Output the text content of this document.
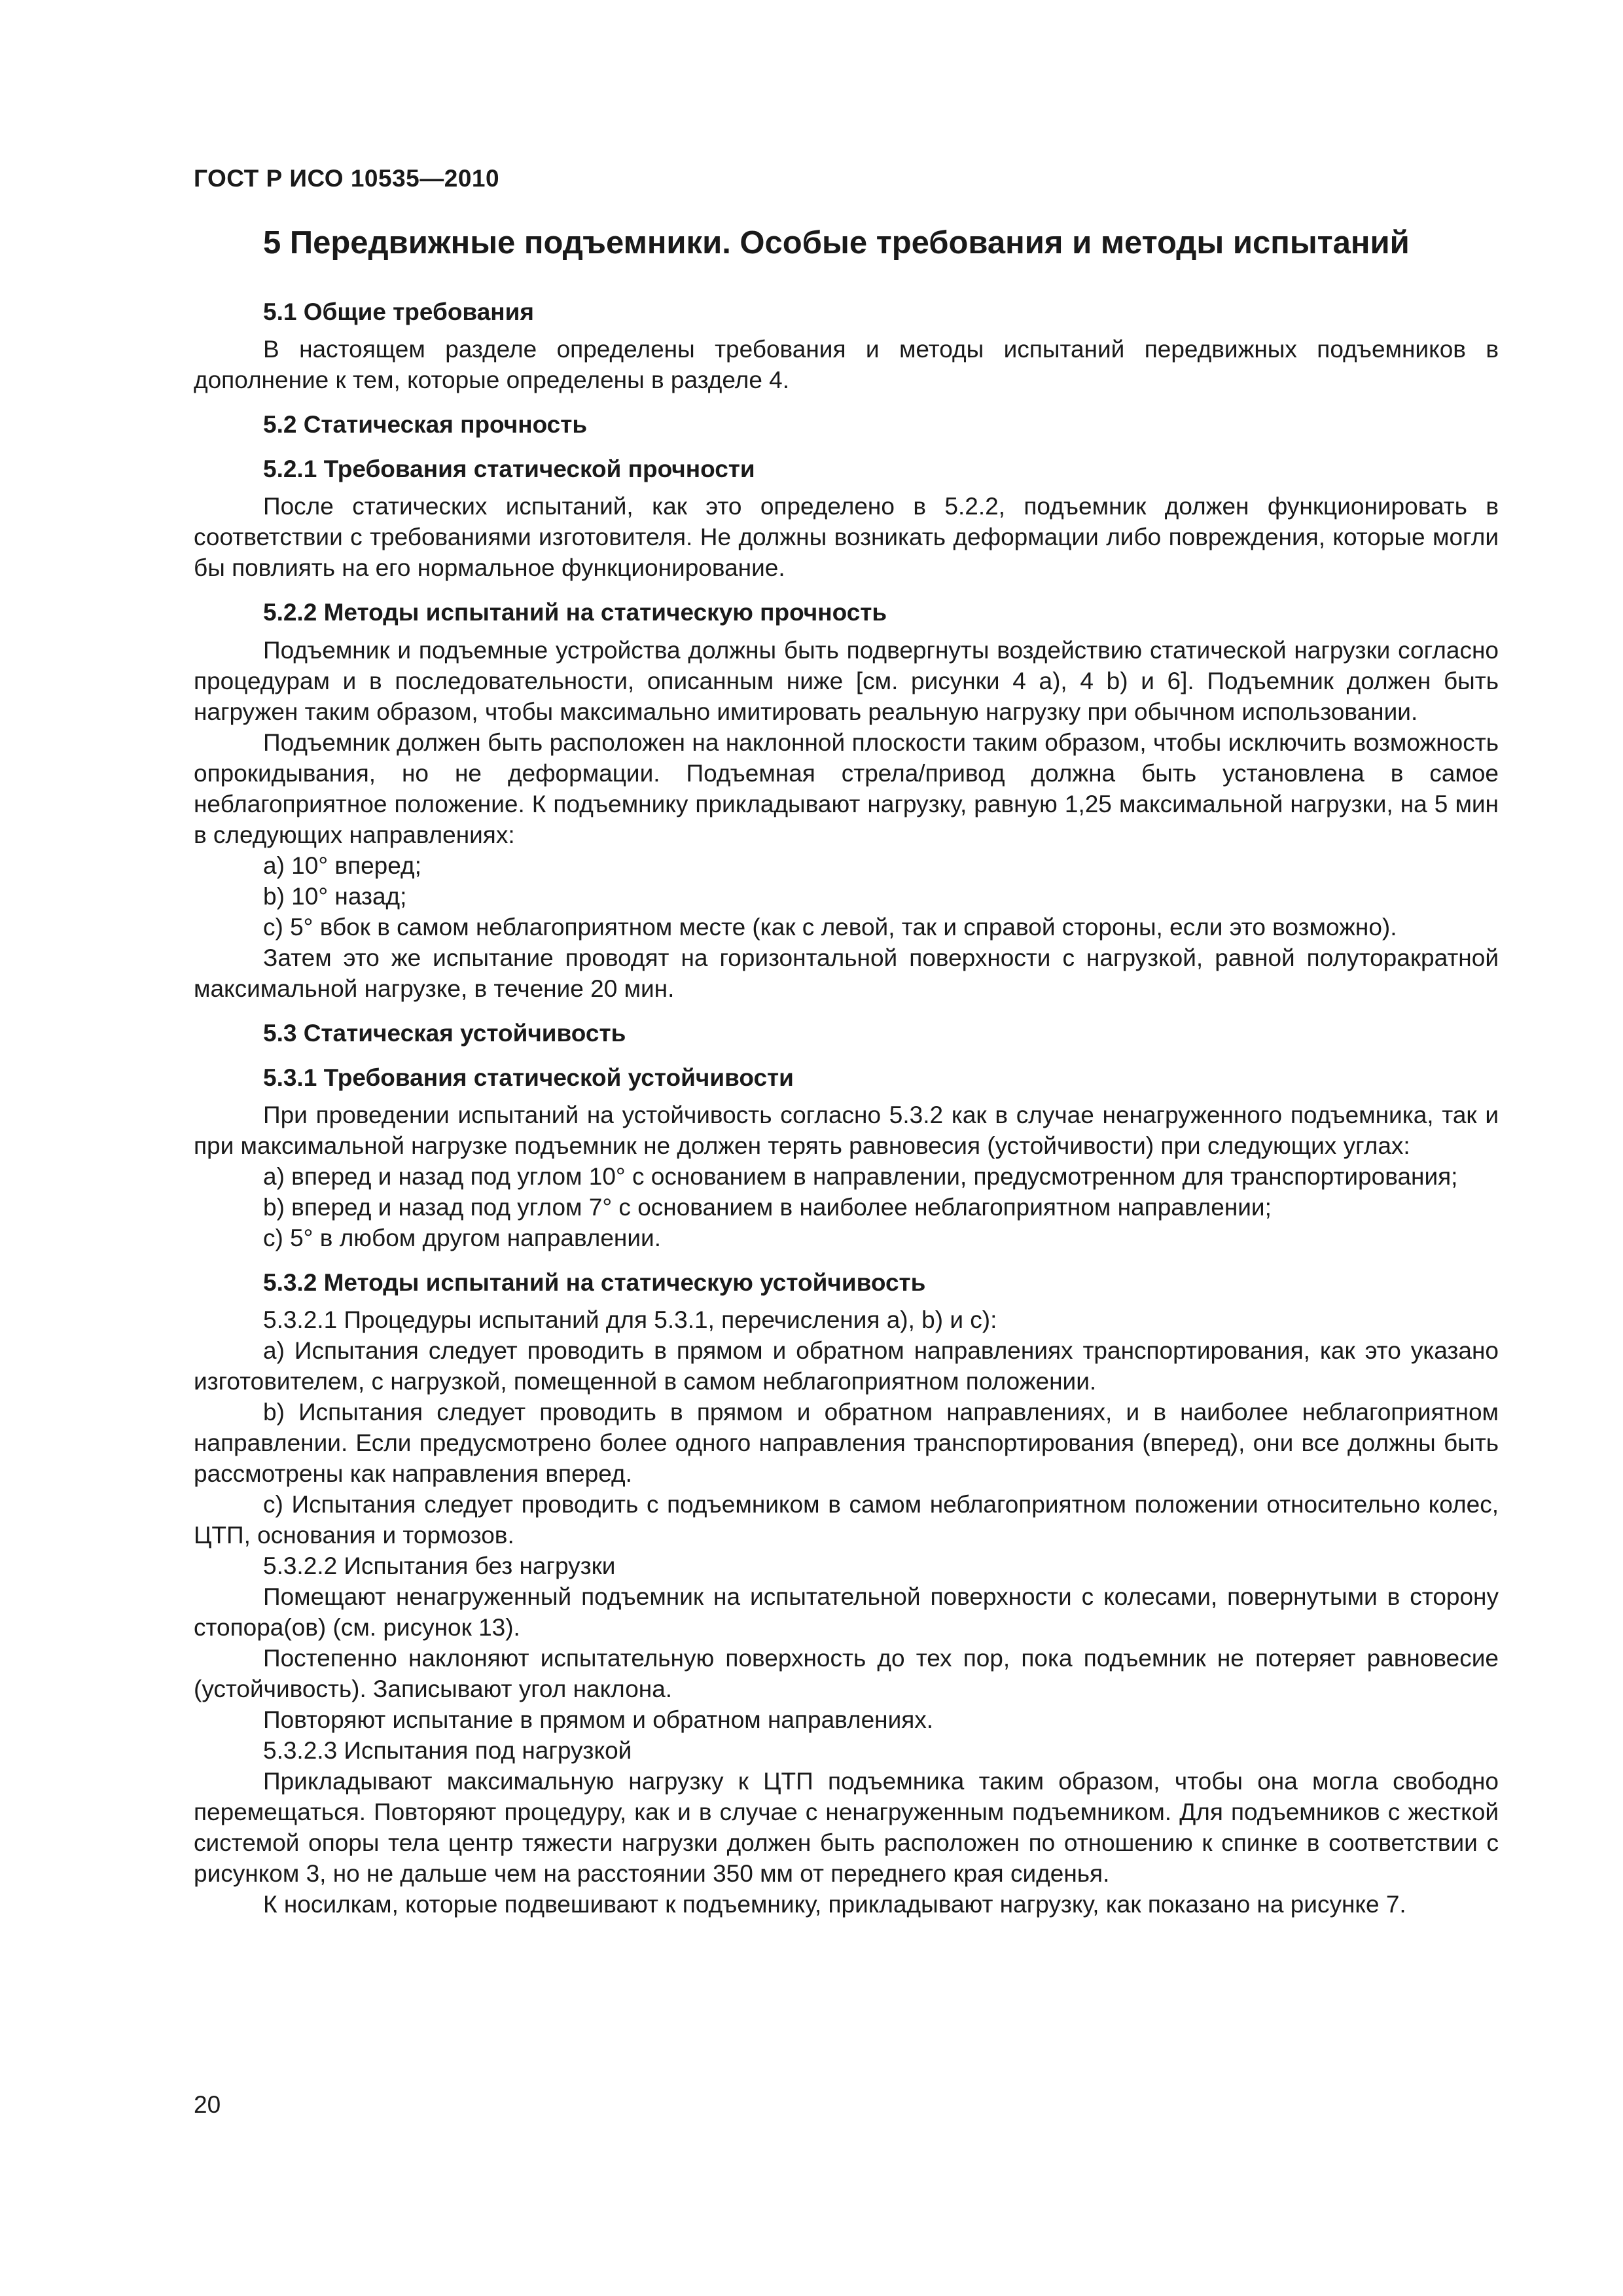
ГОСТ Р ИСО 10535—2010
5 Передвижные подъемники. Особые требования и методы испытаний
5.1 Общие требования

В настоящем разделе определены требования и методы испытаний передвижных подъемников в дополнение к тем, которые определены в разделе 4.

5.2 Статическая прочность
5.2.1 Требования статической прочности

После статических испытаний, как это определено в 5.2.2, подъемник должен функционировать в соответствии с требованиями изготовителя. Не должны возникать деформации либо повреждения, которые могли бы повлиять на его нормальное функционирование.

5.2.2 Методы испытаний на статическую прочность

Подъемник и подъемные устройства должны быть подвергнуты воздействию статической нагрузки согласно процедурам и в последовательности, описанным ниже [см. рисунки 4 а), 4 b) и 6]. Подъемник должен быть нагружен таким образом, чтобы максимально имитировать реальную нагрузку при обычном использовании.

Подъемник должен быть расположен на наклонной плоскости таким образом, чтобы исключить возможность опрокидывания, но не деформации. Подъемная стрела/привод должна быть установлена в самое неблагоприятное положение. К подъемнику прикладывают нагрузку, равную 1,25 максимальной нагрузки, на 5 мин в следующих направлениях:

a) 10° вперед;

b) 10° назад;

c) 5° вбок в самом неблагоприятном месте (как с левой, так и справой стороны, если это возможно).

Затем это же испытание проводят на горизонтальной поверхности с нагрузкой, равной полуторакратной максимальной нагрузке, в течение 20 мин.

5.3 Статическая устойчивость
5.3.1 Требования статической устойчивости

При проведении испытаний на устойчивость согласно 5.3.2 как в случае ненагруженного подъемника, так и при максимальной нагрузке подъемник не должен терять равновесия (устойчивости) при следующих углах:

a) вперед и назад под углом 10° с основанием в направлении, предусмотренном для транспортирования;

b) вперед и назад под углом 7° с основанием в наиболее неблагоприятном направлении;

c) 5° в любом другом направлении.

5.3.2 Методы испытаний на статическую устойчивость

5.3.2.1 Процедуры испытаний для 5.3.1, перечисления а), b) и с):

a) Испытания следует проводить в прямом и обратном направлениях транспортирования, как это указано изготовителем, с нагрузкой, помещенной в самом неблагоприятном положении.

b) Испытания следует проводить в прямом и обратном направлениях, и в наиболее неблагоприятном направлении. Если предусмотрено более одного направления транспортирования (вперед), они все должны быть рассмотрены как направления вперед.

c) Испытания следует проводить с подъемником в самом неблагоприятном положении относительно колес, ЦТП, основания и тормозов.

5.3.2.2 Испытания без нагрузки

Помещают ненагруженный подъемник на испытательной поверхности с колесами, повернутыми в сторону стопора(ов) (см. рисунок 13).

Постепенно наклоняют испытательную поверхность до тех пор, пока подъемник не потеряет равновесие (устойчивость). Записывают угол наклона.

Повторяют испытание в прямом и обратном направлениях.

5.3.2.3 Испытания под нагрузкой

Прикладывают максимальную нагрузку к ЦТП подъемника таким образом, чтобы она могла свободно перемещаться. Повторяют процедуру, как и в случае с ненагруженным подъемником. Для подъемников с жесткой системой опоры тела центр тяжести нагрузки должен быть расположен по отношению к спинке в соответствии с рисунком 3, но не дальше чем на расстоянии 350 мм от переднего края сиденья.

К носилкам, которые подвешивают к подъемнику, прикладывают нагрузку, как показано на рисунке 7.

20
